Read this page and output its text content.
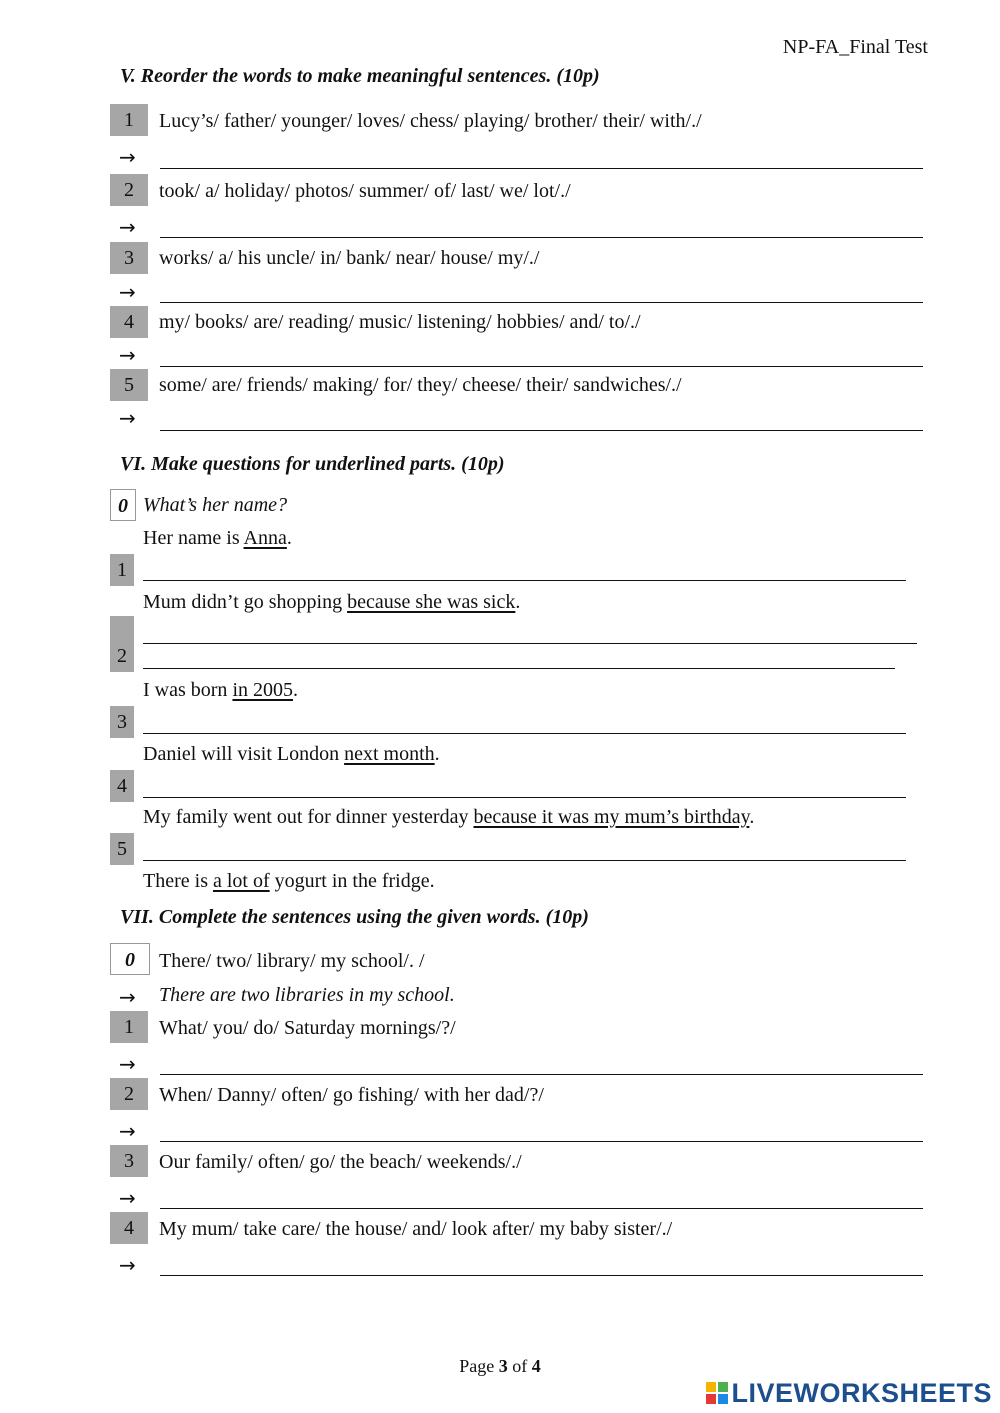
NP-FA_Final Test
V. Reorder the words to make meaningful sentences. (10p)
1	Lucy’s/ father/ younger/ loves/ chess/ playing/ brother/ their/ with/./
→
2	took/ a/ holiday/ photos/ summer/ of/ last/ we/ lot/./
→
3	works/ a/ his uncle/ in/ bank/ near/ house/ my/./
→
4	my/ books/ are/ reading/ music/ listening/ hobbies/ and/ to/./
→
5	some/ are/ friends/ making/ for/ they/ cheese/ their/ sandwiches/./
→
VI. Make questions for underlined parts. (10p)
0 What’s her name?
Her name is Anna.
1
Mum didn’t go shopping because she was sick.
2
I was born in 2005.
3
Daniel will visit London next month.
4
My family went out for dinner yesterday because it was my mum’s birthday.
5
There is a lot of yogurt in the fridge.
VII. Complete the sentences using the given words. (10p)
0	There/ two/ library/ my school/. /
→ There are two libraries in my school.
1	What/ you/ do/ Saturday mornings/?/
→
2	When/ Danny/ often/ go fishing/ with her dad/?/
→
3	Our family/ often/ go/ the beach/ weekends/./
→
4	My mum/ take care/ the house/ and/ look after/ my baby sister/./
→
Page 3 of 4
LIVEWORKSHEETS
